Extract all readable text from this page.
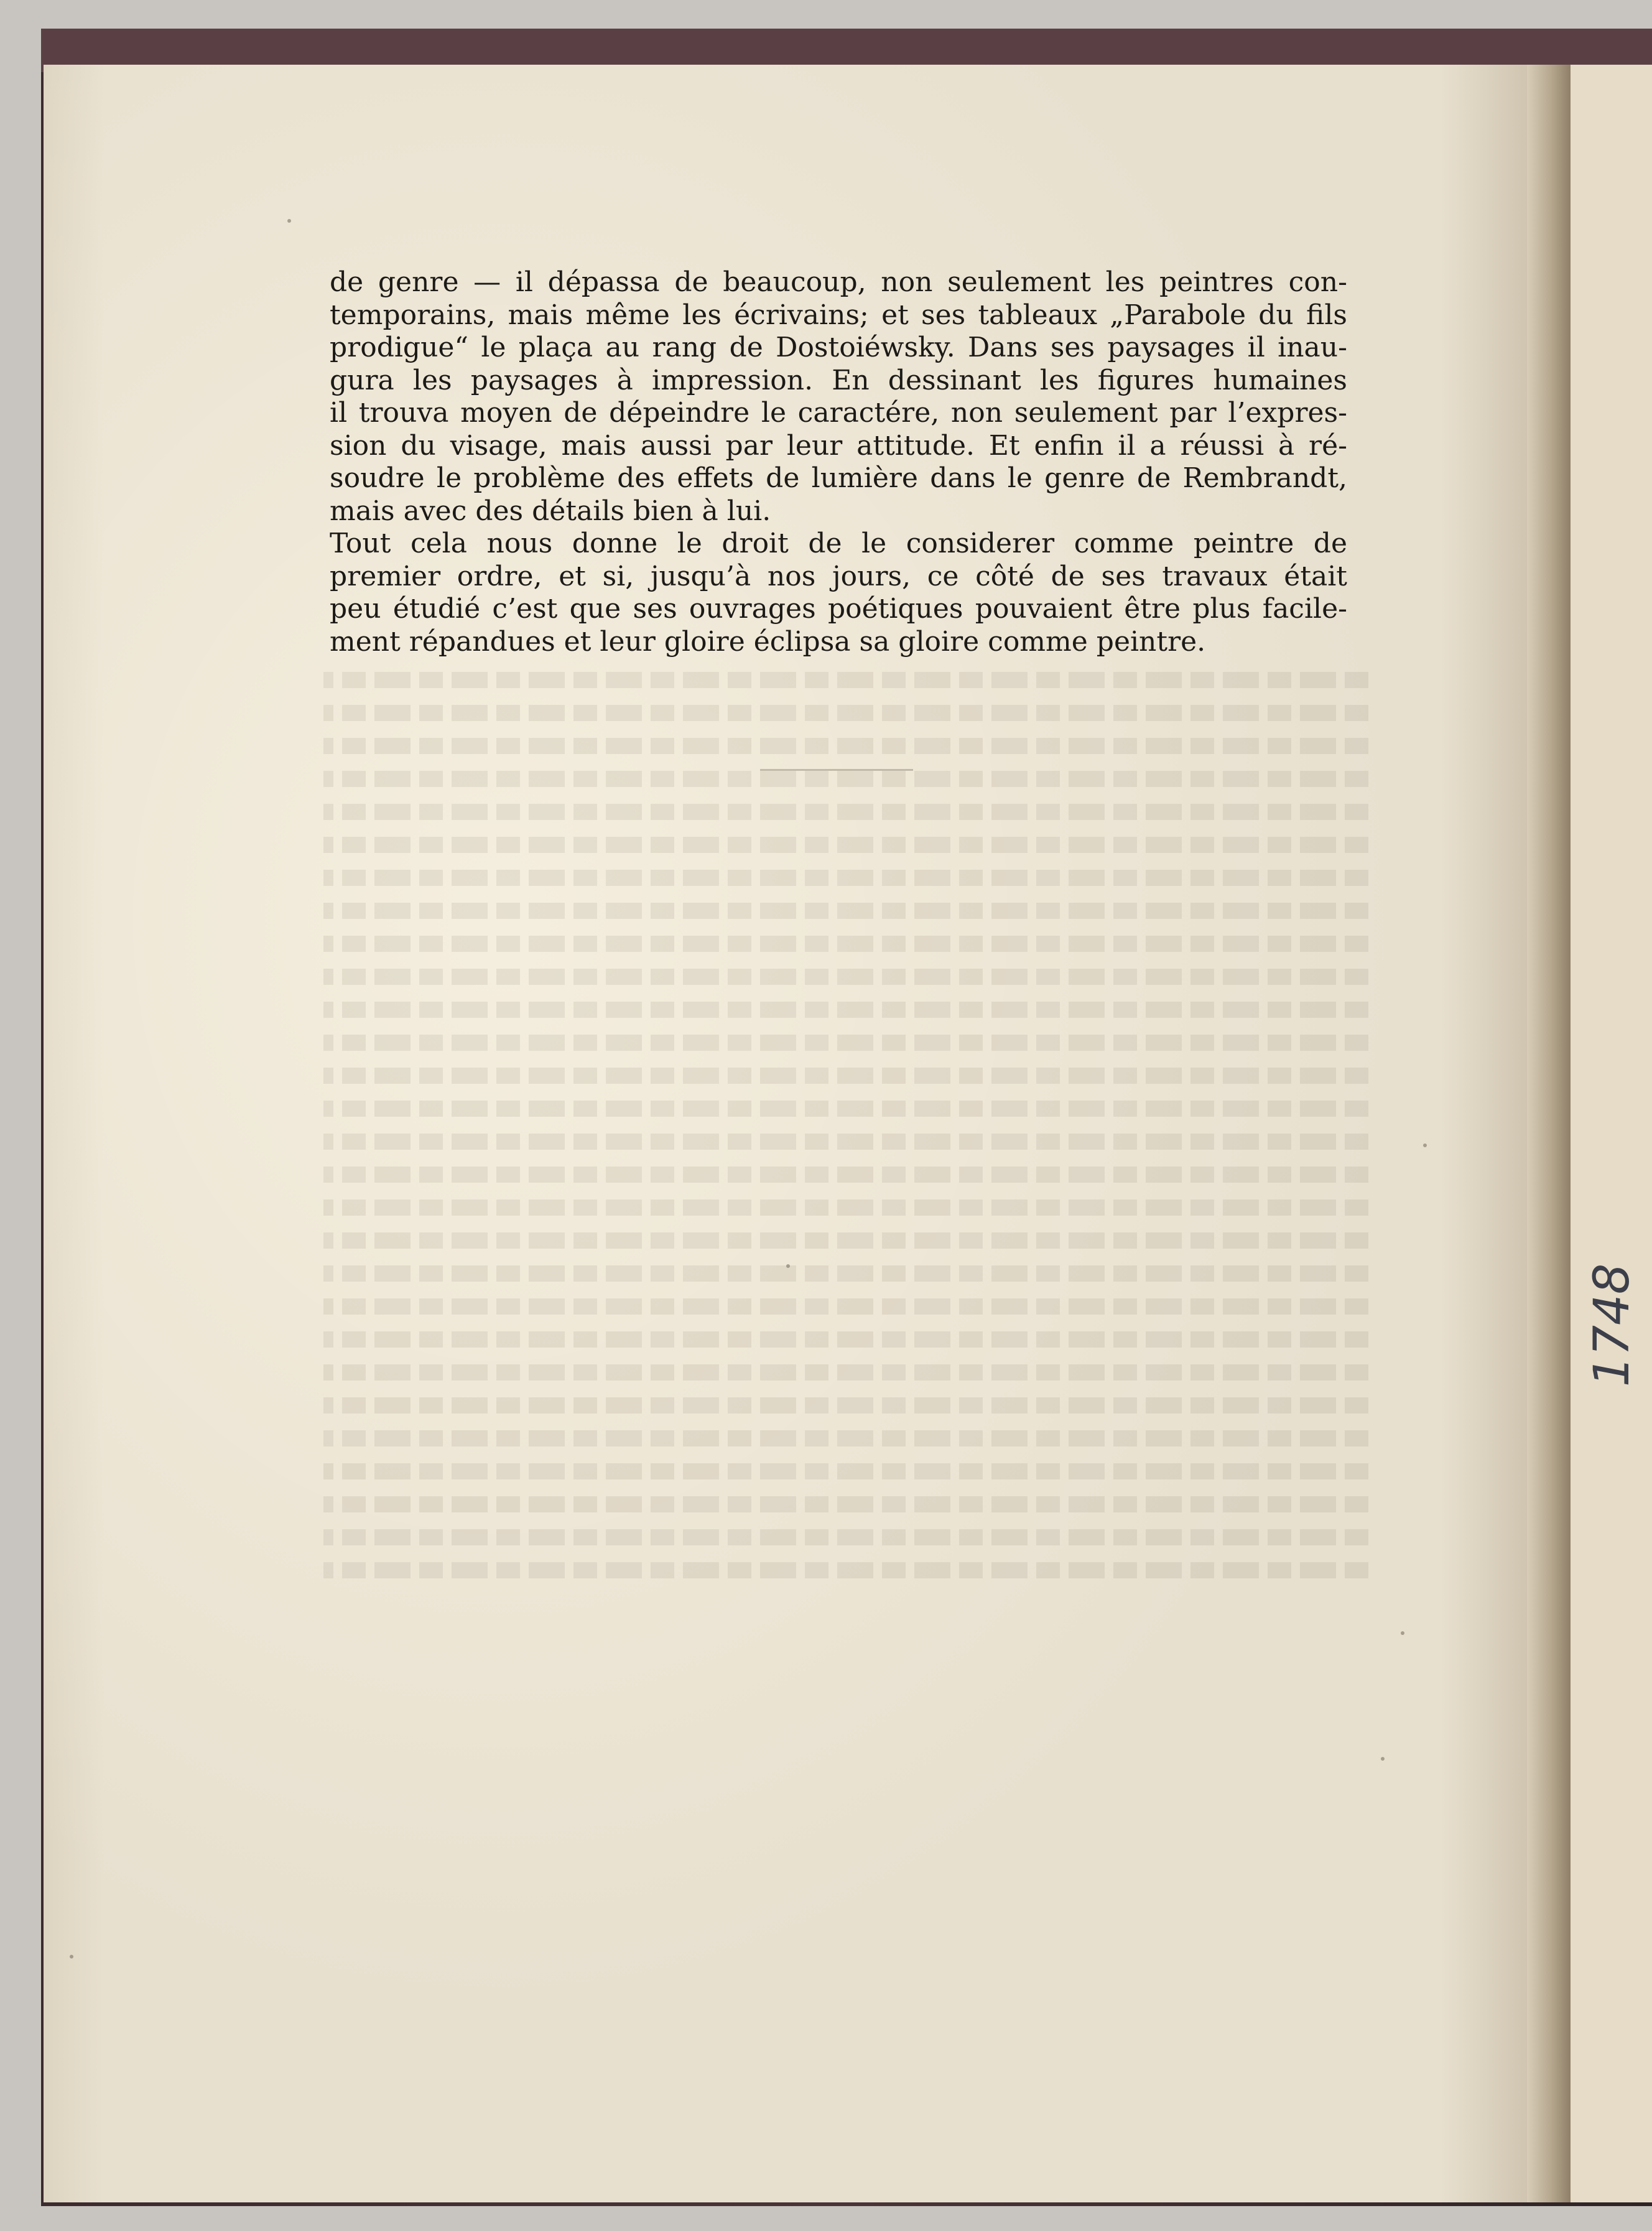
de genre — il dépassa de beaucoup, non seulement les peintres con-
temporains, mais même les écrivains; et ses tableaux „Parabole du fils
prodigue“ le plaça au rang de Dostoiéwsky. Dans ses paysages il inau-
gura les paysages à impression. En dessinant les figures humaines
il trouva moyen de dépeindre le caractére, non seulement par l’expres-
sion du visage, mais aussi par leur attitude. Et enfin il a réussi à ré-
soudre le problème des effets de lumière dans le genre de Rembrandt,
mais avec des détails bien à lui.

Tout cela nous donne le droit de le considerer comme peintre de
premier ordre, et si, jusqu’à nos jours, ce côté de ses travaux était
peu étudié c’est que ses ouvrages poétiques pouvaient être plus facile-
ment répandues et leur gloire éclipsa sa gloire comme peintre.

1748
